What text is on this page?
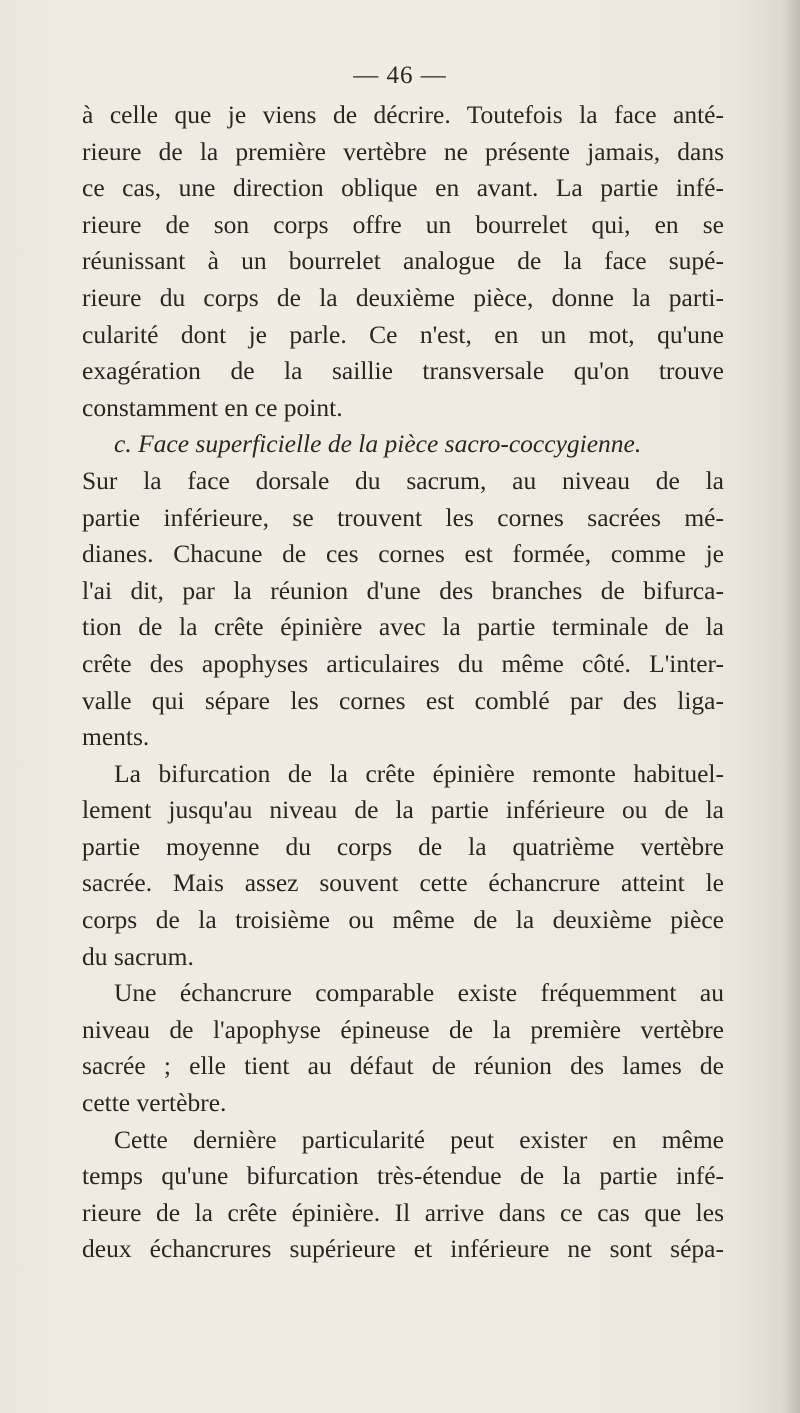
— 46 —
à celle que je viens de décrire. Toutefois la face anté-
rieure de la première vertèbre ne présente jamais, dans
ce cas, une direction oblique en avant. La partie infé-
rieure de son corps offre un bourrelet qui, en se
réunissant à un bourrelet analogue de la face supé-
rieure du corps de la deuxième pièce, donne la parti-
cularité dont je parle. Ce n'est, en un mot, qu'une
exagération de la saillie transversale qu'on trouve
constamment en ce point.
c. Face superficielle de la pièce sacro-coccygienne.
Sur la face dorsale du sacrum, au niveau de la
partie inférieure, se trouvent les cornes sacrées mé-
dianes. Chacune de ces cornes est formée, comme je
l'ai dit, par la réunion d'une des branches de bifurca-
tion de la crête épinière avec la partie terminale de la
crête des apophyses articulaires du même côté. L'inter-
valle qui sépare les cornes est comblé par des liga-
ments.
La bifurcation de la crête épinière remonte habituel-
lement jusqu'au niveau de la partie inférieure ou de la
partie moyenne du corps de la quatrième vertèbre
sacrée. Mais assez souvent cette échancrure atteint le
corps de la troisième ou même de la deuxième pièce
du sacrum.
Une échancrure comparable existe fréquemment au
niveau de l'apophyse épineuse de la première vertèbre
sacrée ; elle tient au défaut de réunion des lames de
cette vertèbre.
Cette dernière particularité peut exister en même
temps qu'une bifurcation très-étendue de la partie infé-
rieure de la crête épinière. Il arrive dans ce cas que les
deux échancrures supérieure et inférieure ne sont sépa-
